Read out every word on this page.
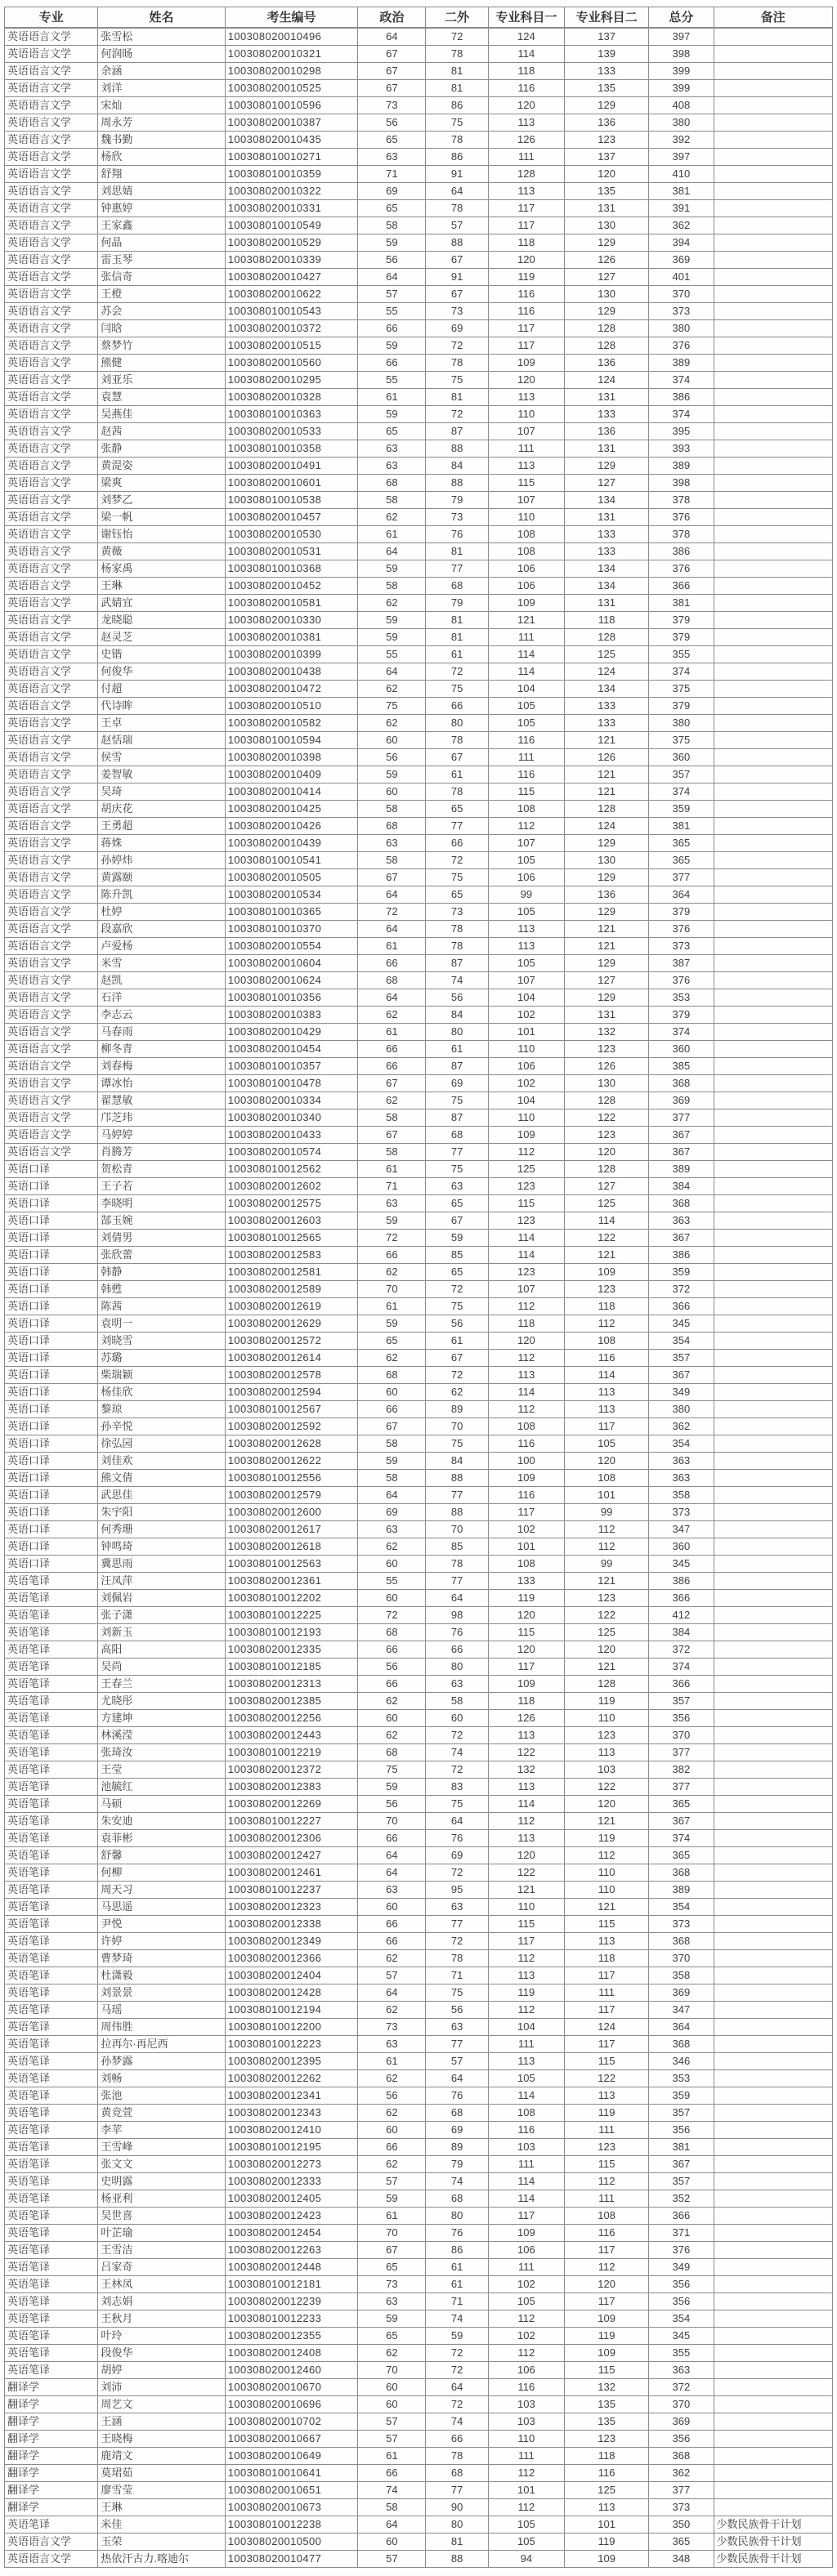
专业	姓名	考生编号	政治	二外	专业科目一	专业科目二	总分	备注
英语语言文学	张雪松	100308020010496	64	72	124	137	397	
英语语言文学	何润旸	100308020010321	67	78	114	139	398	
英语语言文学	余涵	100308020010298	67	81	118	133	399	
英语语言文学	刘洋	100308020010525	67	81	116	135	399	
英语语言文学	宋灿	100308010010596	73	86	120	129	408	
英语语言文学	周永芳	100308020010387	56	75	113	136	380	
英语语言文学	魏书勤	100308020010435	65	78	126	123	392	
英语语言文学	杨欣	100308010010271	63	86	111	137	397	
英语语言文学	舒翔	100308010010359	71	91	128	120	410	
英语语言文学	刘思婧	100308020010322	69	64	113	135	381	
英语语言文学	钟惠婷	100308020010331	65	78	117	131	391	
英语语言文学	王家鑫	100308010010549	58	57	117	130	362	
英语语言文学	何晶	100308020010529	59	88	118	129	394	
英语语言文学	雷玉琴	100308020010339	56	67	120	126	369	
英语语言文学	张信奇	100308020010427	64	91	119	127	401	
英语语言文学	王橙	100308020010622	57	67	116	130	370	
英语语言文学	苏会	100308010010543	55	73	116	129	373	
英语语言文学	闫晗	100308020010372	66	69	117	128	380	
英语语言文学	蔡梦竹	100308020010515	59	72	117	128	376	
英语语言文学	熊健	100308020010560	66	78	109	136	389	
英语语言文学	刘亚乐	100308020010295	55	75	120	124	374	
英语语言文学	袁慧	100308020010328	61	81	113	131	386	
英语语言文学	吴燕佳	100308010010363	59	72	110	133	374	
英语语言文学	赵茜	100308020010533	65	87	107	136	395	
英语语言文学	张静	100308010010358	63	88	111	131	393	
英语语言文学	黄湜姿	100308020010491	63	84	113	129	389	
英语语言文学	梁爽	100308020010601	68	88	115	127	398	
英语语言文学	刘梦乙	100308010010538	58	79	107	134	378	
英语语言文学	梁一帆	100308020010457	62	73	110	131	376	
英语语言文学	谢钰怡	100308020010530	61	76	108	133	378	
英语语言文学	黄薇	100308020010531	64	81	108	133	386	
英语语言文学	杨家禹	100308010010368	59	77	106	134	376	
英语语言文学	王琳	100308020010452	58	68	106	134	366	
英语语言文学	武婧宜	100308020010581	62	79	109	131	381	
英语语言文学	龙晓聪	100308020010330	59	81	121	118	379	
英语语言文学	赵灵芝	100308020010381	59	81	111	128	379	
英语语言文学	史锴	100308020010399	55	61	114	125	355	
英语语言文学	何俊华	100308020010438	64	72	114	124	374	
英语语言文学	付超	100308020010472	62	75	104	134	375	
英语语言文学	代诗眸	100308020010510	75	66	105	133	379	
英语语言文学	王卓	100308020010582	62	80	105	133	380	
英语语言文学	赵恬瑞	100308010010594	60	78	116	121	375	
英语语言文学	侯雪	100308020010398	56	67	111	126	360	
英语语言文学	姜智敏	100308020010409	59	61	116	121	357	
英语语言文学	吴琦	100308020010414	60	78	115	121	374	
英语语言文学	胡庆花	100308020010425	58	65	108	128	359	
英语语言文学	王勇超	100308020010426	68	77	112	124	381	
英语语言文学	蒋姝	100308020010439	63	66	107	129	365	
英语语言文学	孙婷炜	100308010010541	58	72	105	130	365	
英语语言文学	黄露颐	100308020010505	67	75	106	129	377	
英语语言文学	陈升凯	100308020010534	64	65	99	136	364	
英语语言文学	杜婷	100308010010365	72	73	105	129	379	
英语语言文学	段嘉欣	100308010010370	64	78	113	121	376	
英语语言文学	卢爱杨	100308020010554	61	78	113	121	373	
英语语言文学	米雪	100308020010604	66	87	105	129	387	
英语语言文学	赵凯	100308020010624	68	74	107	127	376	
英语语言文学	石洋	100308010010356	64	56	104	129	353	
英语语言文学	李志云	100308020010383	62	84	102	131	379	
英语语言文学	马春雨	100308020010429	61	80	101	132	374	
英语语言文学	柳冬青	100308020010454	66	61	110	123	360	
英语语言文学	刘春梅	100308010010357	66	87	106	126	385	
英语语言文学	谭冰怡	100308010010478	67	69	102	130	368	
英语语言文学	翟慧敏	100308020010334	62	75	104	128	369	
英语语言文学	邝芝玮	100308020010340	58	87	110	122	377	
英语语言文学	马婷婷	100308020010433	67	68	109	123	367	
英语语言文学	肖腾芳	100308020010574	58	77	112	120	367	
英语口译	贺松青	100308010012562	61	75	125	128	389	
英语口译	王子若	100308020012602	71	63	123	127	384	
英语口译	李晓明	100308020012575	63	65	115	125	368	
英语口译	郜玉婉	100308020012603	59	67	123	114	363	
英语口译	刘倩男	100308010012565	72	59	114	122	367	
英语口译	张欣蕾	100308020012583	66	85	114	121	386	
英语口译	韩静	100308020012581	62	65	123	109	359	
英语口译	韩甦	100308020012589	70	72	107	123	372	
英语口译	陈茜	100308020012619	61	75	112	118	366	
英语口译	袁明一	100308020012629	59	56	118	112	345	
英语口译	刘晓雪	100308020012572	65	61	120	108	354	
英语口译	苏璐	100308020012614	62	67	112	116	357	
英语口译	柴瑞颖	100308020012578	68	72	113	114	367	
英语口译	杨佳欣	100308020012594	60	62	114	113	349	
英语口译	黎琼	100308010012567	66	89	112	113	380	
英语口译	孙辛悦	100308020012592	67	70	108	117	362	
英语口译	徐弘园	100308020012628	58	75	116	105	354	
英语口译	刘佳欢	100308020012622	59	84	100	120	363	
英语口译	熊文倩	100308010012556	58	88	109	108	363	
英语口译	武思佳	100308020012579	64	77	116	101	358	
英语口译	朱宇阳	100308020012600	69	88	117	99	373	
英语口译	何秀珊	100308020012617	63	70	102	112	347	
英语口译	钟鸣琦	100308020012618	62	85	101	112	360	
英语口译	冀思雨	100308010012563	60	78	108	99	345	
英语笔译	汪凤萍	100308020012361	55	77	133	121	386	
英语笔译	刘佩岩	100308010012202	60	64	119	123	366	
英语笔译	张子潇	100308010012225	72	98	120	122	412	
英语笔译	刘新玉	100308010012193	68	76	115	125	384	
英语笔译	高阳	100308020012335	66	66	120	120	372	
英语笔译	吴尚	100308010012185	56	80	117	121	374	
英语笔译	王春兰	100308020012313	66	63	109	128	366	
英语笔译	尤晓彤	100308020012385	62	58	118	119	357	
英语笔译	方建坤	100308020012256	60	60	126	110	356	
英语笔译	林溪滢	100308020012443	62	72	113	123	370	
英语笔译	张琦汝	100308010012219	68	74	122	113	377	
英语笔译	王莹	100308020012372	75	72	132	103	382	
英语笔译	池毓红	100308020012383	59	83	113	122	377	
英语笔译	马硕	100308020012269	56	75	114	120	365	
英语笔译	朱安迪	100308010012227	70	64	112	121	367	
英语笔译	袁菲彬	100308020012306	66	76	113	119	374	
英语笔译	舒馨	100308020012427	64	69	120	112	365	
英语笔译	何柳	100308020012461	64	72	122	110	368	
英语笔译	周天习	100308010012237	63	95	121	110	389	
英语笔译	马思遥	100308020012323	60	63	110	121	354	
英语笔译	尹悦	100308020012338	66	77	115	115	373	
英语笔译	许婷	100308020012349	66	72	117	113	368	
英语笔译	曹梦琦	100308020012366	62	78	112	118	370	
英语笔译	杜潇毅	100308020012404	57	71	113	117	358	
英语笔译	刘景景	100308020012428	64	75	119	111	369	
英语笔译	马瑶	100308010012194	62	56	112	117	347	
英语笔译	周伟胜	100308010012200	73	63	104	124	364	
英语笔译	拉再尔·再尼西	100308010012223	63	77	111	117	368	
英语笔译	孙梦露	100308020012395	61	57	113	115	346	
英语笔译	刘畅	100308020012262	62	64	105	122	353	
英语笔译	张池	100308020012341	56	76	114	113	359	
英语笔译	黄竞萱	100308020012343	62	68	108	119	357	
英语笔译	李苹	100308020012410	60	69	116	111	356	
英语笔译	王雪峰	100308010012195	66	89	103	123	381	
英语笔译	张文文	100308020012273	62	79	111	115	367	
英语笔译	史明露	100308020012333	57	74	114	112	357	
英语笔译	杨亚利	100308020012405	59	68	114	111	352	
英语笔译	吴世喜	100308020012423	61	80	117	108	366	
英语笔译	叶芷瑜	100308020012454	70	76	109	116	371	
英语笔译	王雪洁	100308020012263	67	86	106	117	376	
英语笔译	吕家奇	100308020012448	65	61	111	112	349	
英语笔译	王林凤	100308010012181	73	61	102	120	356	
英语笔译	刘志娟	100308020012239	63	71	105	117	356	
英语笔译	王秋月	100308010012233	59	74	112	109	354	
英语笔译	叶玲	100308020012355	65	59	102	119	345	
英语笔译	段俊华	100308020012408	62	72	112	109	355	
英语笔译	胡婷	100308020012460	70	72	106	115	363	
翻译学	刘沛	100308020010670	60	64	116	132	372	
翻译学	周艺文	100308020010696	60	72	103	135	370	
翻译学	王涵	100308020010702	57	74	103	135	369	
翻译学	王晓梅	100308020010667	57	66	110	123	356	
翻译学	鹿靖文	100308020010649	61	78	111	118	368	
翻译学	莫珺茹	100308010010641	66	68	112	116	362	
翻译学	廖雪莹	100308020010651	74	77	101	125	377	
翻译学	王琳	100308020010673	58	90	112	113	373	
英语笔译	米佳	100308010012238	64	80	105	101	350	少数民族骨干计划
英语语言文学	玉荣	100308020010500	60	81	105	119	365	少数民族骨干计划
英语语言文学	热依汗古力.喀迪尔	100308020010477	57	88	94	109	348	少数民族骨干计划
